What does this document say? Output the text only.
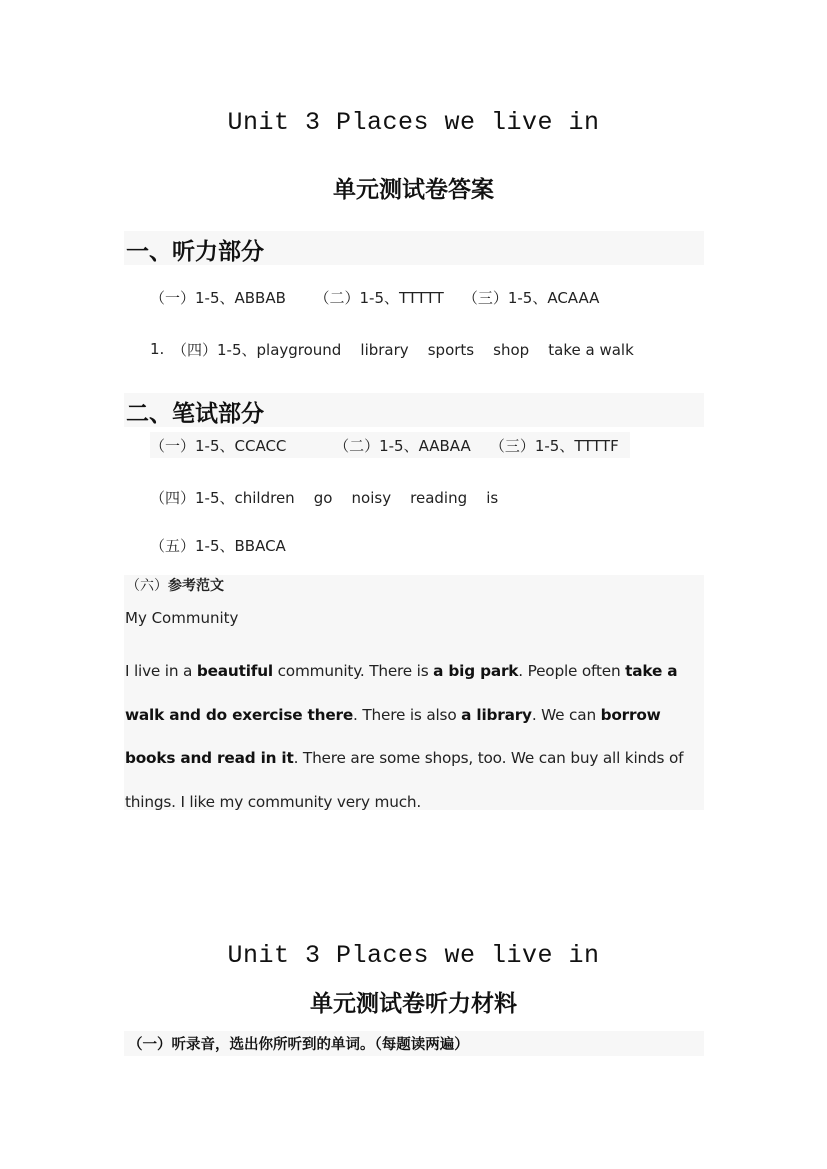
Unit 3 Places we live in
单元测试卷答案
一、听力部分
（一）1-5、ABBAB      （二）1-5、TTTTT    （三）1-5、ACAAA
1. （四）1-5、playground    library    sports    shop    take a walk
二、笔试部分
（一）1-5、CCACC          （二）1-5、AABAA    （三）1-5、TTTTF
（四）1-5、children    go    noisy    reading    is
（五）1-5、BBACA
（六）参考范文
My Community
I live in a beautiful community. There is a big park. People often take a walk and do exercise there. There is also a library. We can borrow books and read in it. There are some shops, too. We can buy all kinds of things. I like my community very much.
Unit 3 Places we live in
单元测试卷听力材料
（一）听录音，选出你所听到的单词。（每题读两遍）
